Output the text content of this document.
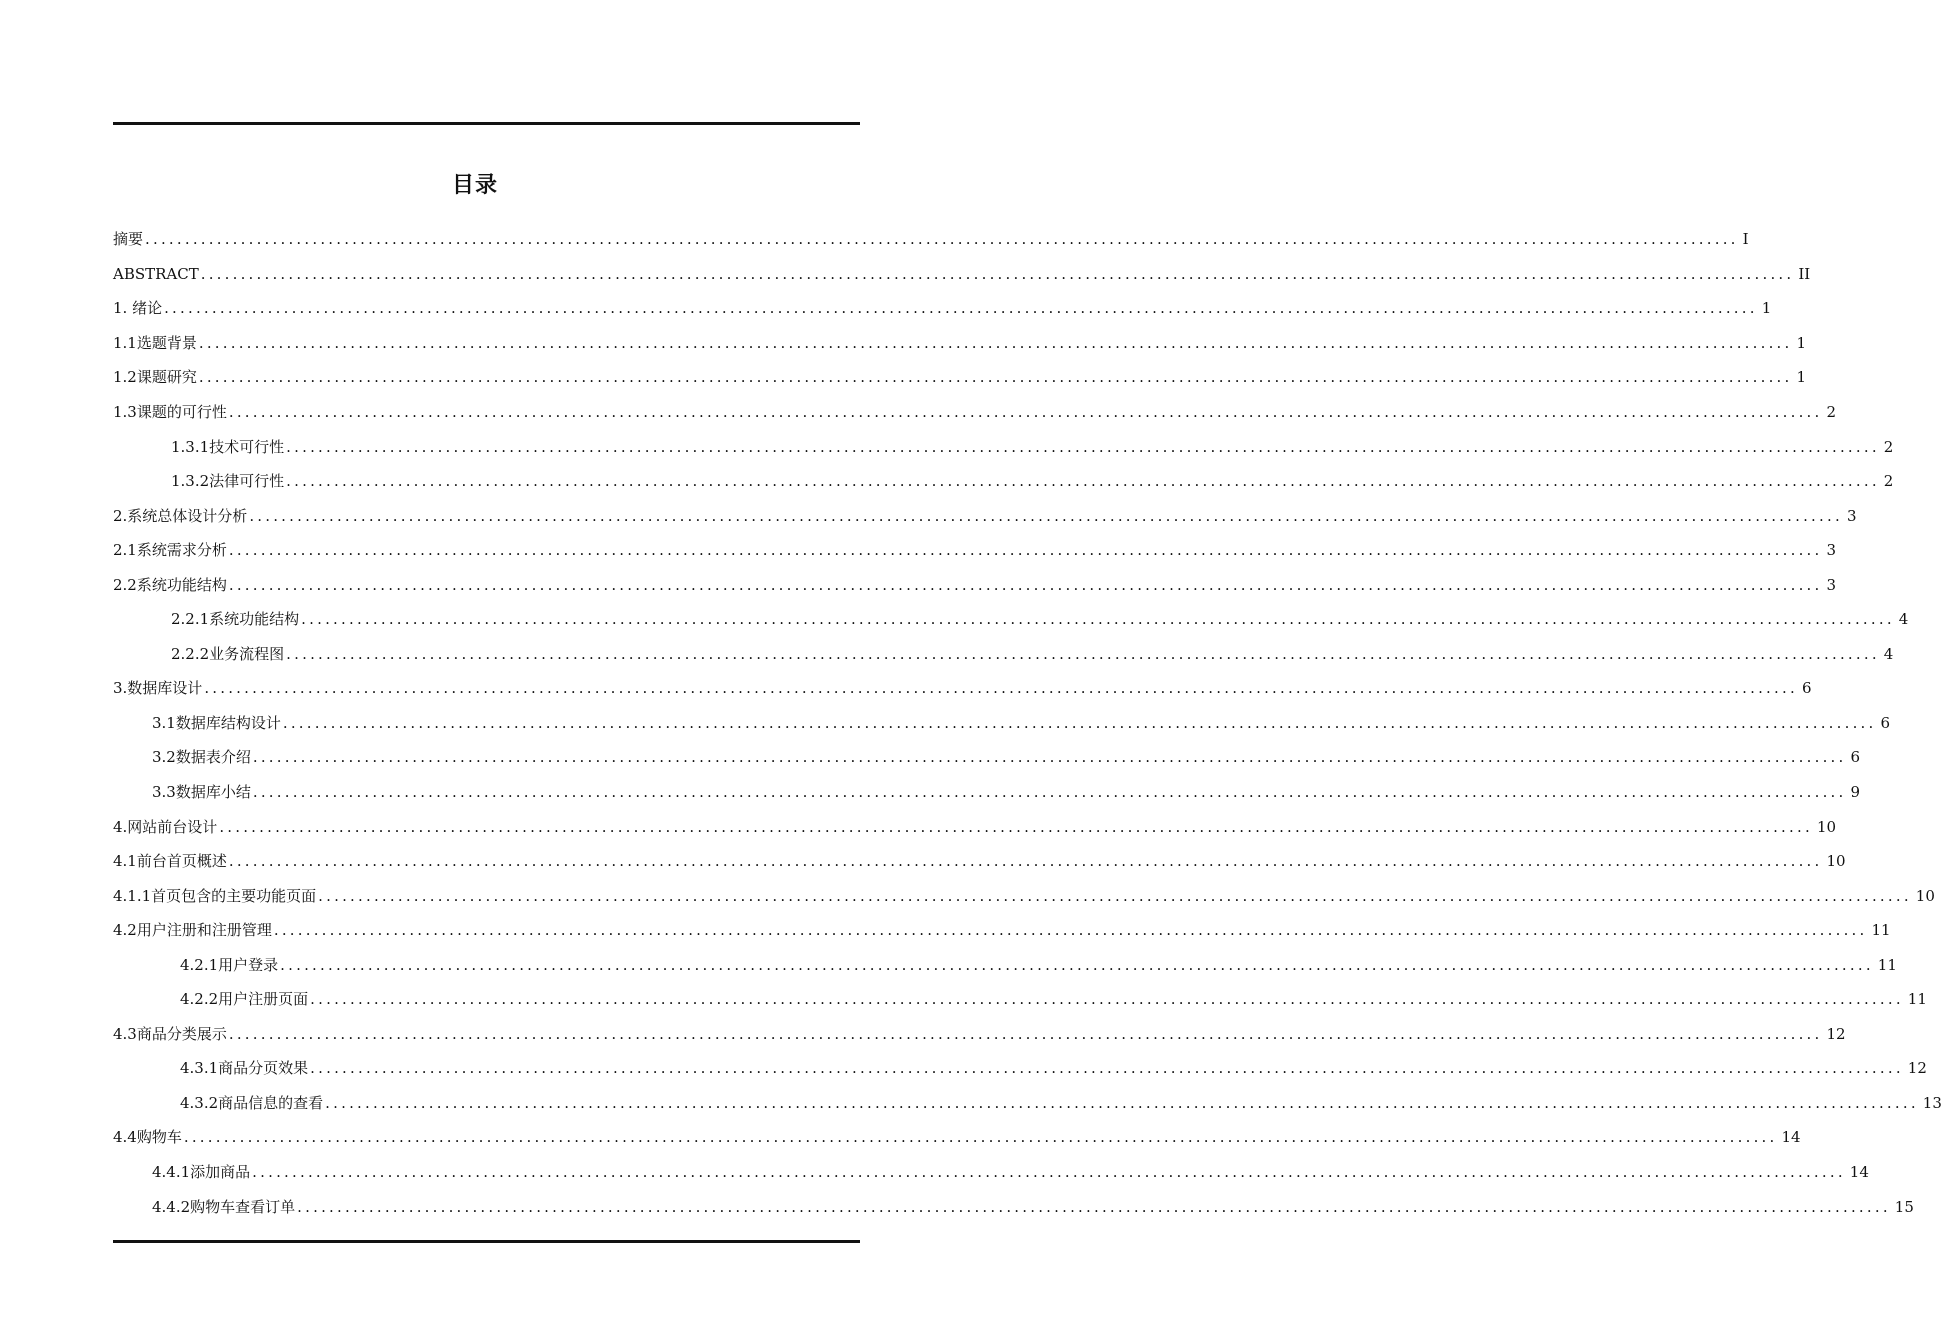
目录
摘要 ........................................................................................................................................................................................................ I
ABSTRACT ........................................................................................................................................................................................................ II
1. 绪论 ........................................................................................................................................................................................................ 1
1.1选题背景 ........................................................................................................................................................................................................ 1
1.2课题研究 ........................................................................................................................................................................................................ 1
1.3课题的可行性 ........................................................................................................................................................................................................ 2
1.3.1技术可行性 ........................................................................................................................................................................................................ 2
1.3.2法律可行性 ........................................................................................................................................................................................................ 2
2.系统总体设计分析 ........................................................................................................................................................................................................ 3
2.1系统需求分析 ........................................................................................................................................................................................................ 3
2.2系统功能结构 ........................................................................................................................................................................................................ 3
2.2.1系统功能结构 ........................................................................................................................................................................................................ 4
2.2.2业务流程图 ........................................................................................................................................................................................................ 4
3.数据库设计 ........................................................................................................................................................................................................ 6
3.1数据库结构设计 ........................................................................................................................................................................................................ 6
3.2数据表介绍 ........................................................................................................................................................................................................ 6
3.3数据库小结 ........................................................................................................................................................................................................ 9
4.网站前台设计 ........................................................................................................................................................................................................ 10
4.1前台首页概述 ........................................................................................................................................................................................................ 10
4.1.1首页包含的主要功能页面 ........................................................................................................................................................................................................ 10
4.2用户注册和注册管理 ........................................................................................................................................................................................................ 11
4.2.1用户登录 ........................................................................................................................................................................................................ 11
4.2.2用户注册页面 ........................................................................................................................................................................................................ 11
4.3商品分类展示 ........................................................................................................................................................................................................ 12
4.3.1商品分页效果 ........................................................................................................................................................................................................ 12
4.3.2商品信息的查看 ........................................................................................................................................................................................................ 13
4.4购物车 ........................................................................................................................................................................................................ 14
4.4.1添加商品 ........................................................................................................................................................................................................ 14
4.4.2购物车查看订单 ........................................................................................................................................................................................................ 15
